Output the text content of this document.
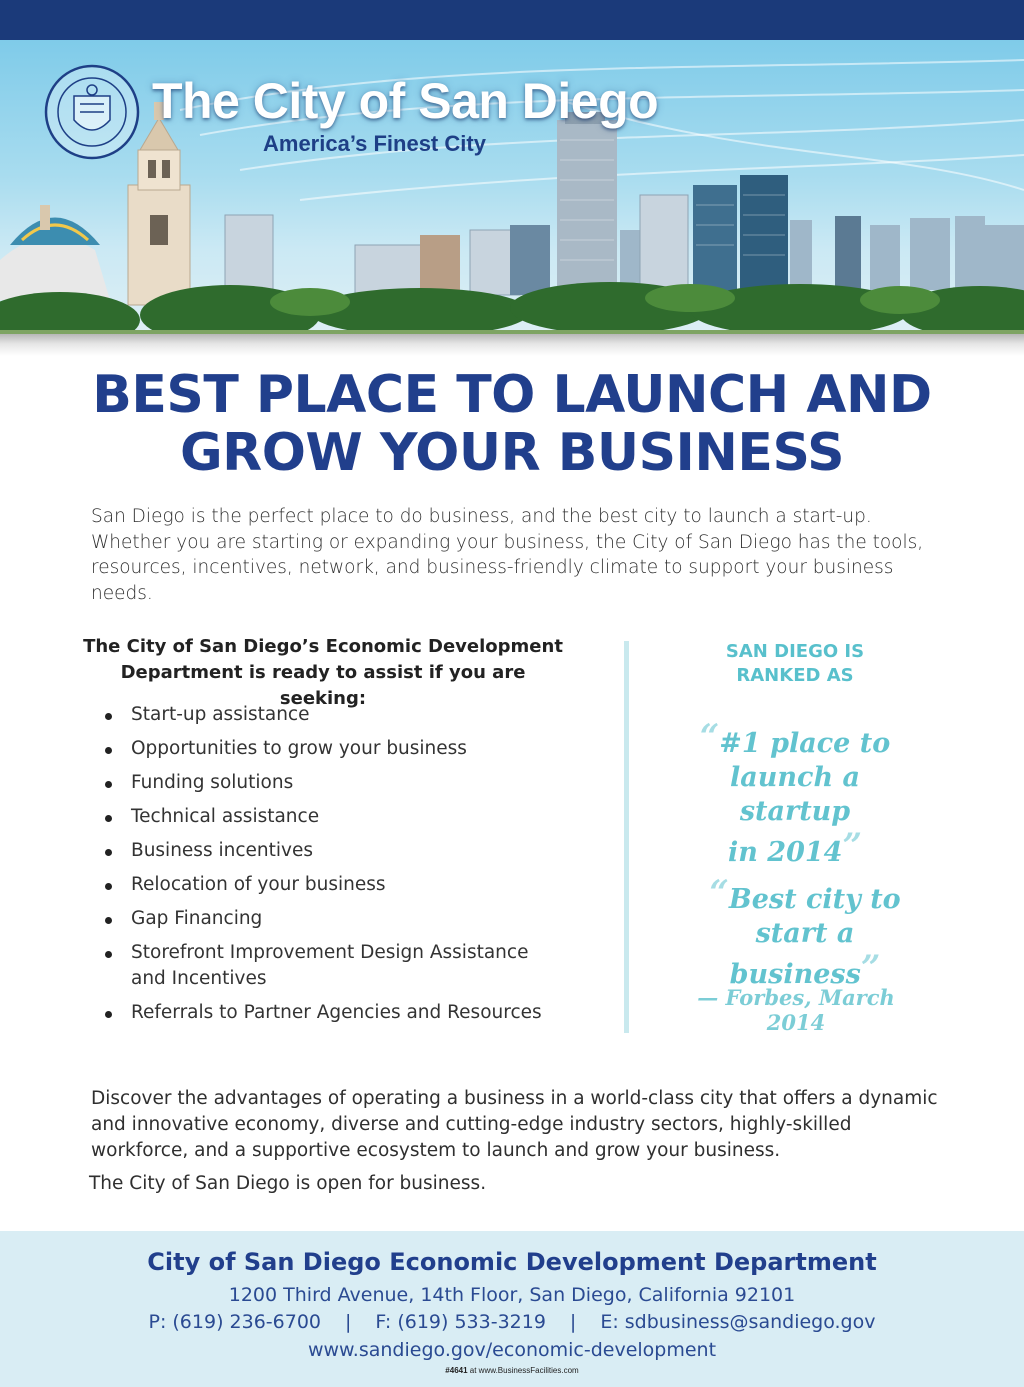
The City of San Diego
America’s Finest City
BEST PLACE TO LAUNCH AND
GROW YOUR BUSINESS

San Diego is the perfect place to do business, and the best city to launch a start-up. Whether you are starting or expanding your business, the City of San Diego has the tools, resources, incentives, network, and business-friendly climate to support your business needs.

The City of San Diego’s Economic Development
Department is ready to assist if you are seeking:
Start-up assistance
Opportunities to grow your business
Funding solutions
Technical assistance
Business incentives
Relocation of your business
Gap Financing
Storefront Improvement Design Assistance and Incentives
Referrals to Partner Agencies and Resources
SAN DIEGO IS
RANKED AS
“#1 place to
launch a startup
in 2014”
“Best city to
start a business”
— Forbes, March 2014

Discover the advantages of operating a business in a world-class city that offers a dynamic and innovative economy, diverse and cutting-edge industry sectors, highly-skilled workforce, and a supportive ecosystem to launch and grow your business.

The City of San Diego is open for business.

City of San Diego Economic Development Department
1200 Third Avenue, 14th Floor, San Diego, California 92101
P: (619) 236-6700 | F: (619) 533-3219 | E: sdbusiness@sandiego.gov
www.sandiego.gov/economic-development
#4641 at www.BusinessFacilities.com
